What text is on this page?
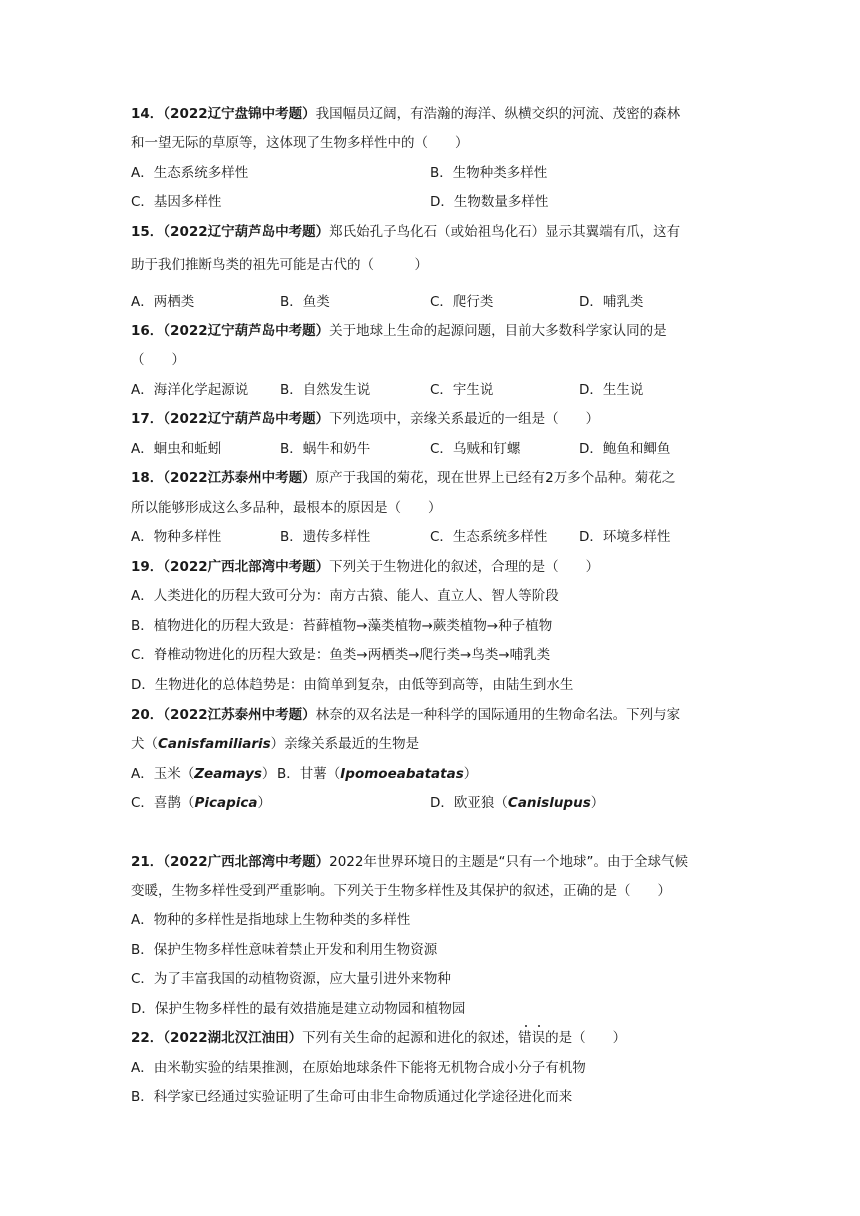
14．（2022辽宁盘锦中考题）我国幅员辽阔，有浩瀚的海洋、纵横交织的河流、茂密的森林
和一望无际的草原等，这体现了生物多样性中的（　　）
A．生态系统多样性	B．生物种类多样性
C．基因多样性	D．生物数量多样性
15．（2022辽宁葫芦岛中考题）郑氏始孔子鸟化石（或始祖鸟化石）显示其翼端有爪，这有
助于我们推断鸟类的祖先可能是古代的（　　　）
A．两栖类	B．鱼类	C．爬行类	D．哺乳类
16．（2022辽宁葫芦岛中考题）关于地球上生命的起源问题，目前大多数科学家认同的是
（　　）
A．海洋化学起源说 B．自然发生说	C．宇生说	D．生生说
17．（2022辽宁葫芦岛中考题）下列选项中，亲缘关系最近的一组是（　　）
A．蛔虫和蚯蚓	B．蜗牛和奶牛	C．乌贼和钉螺	D．鲍鱼和鲫鱼
18．（2022江苏泰州中考题）原产于我国的菊花，现在世界上已经有2万多个品种。菊花之
所以能够形成这么多品种，最根本的原因是（　　）
A．物种多样性	B．遗传多样性	C．生态系统多样性 D．环境多样性
19．（2022广西北部湾中考题）下列关于生物进化的叙述，合理的是（　　）
A．人类进化的历程大致可分为：南方古猿、能人、直立人、智人等阶段
B．植物进化的历程大致是：苔藓植物→藻类植物→蕨类植物→种子植物
C．脊椎动物进化的历程大致是：鱼类→两栖类→爬行类→鸟类→哺乳类
D．生物进化的总体趋势是：由简单到复杂，由低等到高等，由陆生到水生
20．（2022江苏泰州中考题）林奈的双名法是一种科学的国际通用的生物命名法。下列与家
犬（Canisfamiliaris）亲缘关系最近的生物是
A．玉米（Zeamays） B．甘薯（Ipomoeabatatas）
C．喜鹊（Picapica）	D．欧亚狼（Canislupus）
21．（2022广西北部湾中考题）2022年世界环境日的主题是“只有一个地球”。由于全球气候
变暖，生物多样性受到严重影响。下列关于生物多样性及其保护的叙述，正确的是（　　）
A．物种的多样性是指地球上生物种类的多样性
B．保护生物多样性意味着禁止开发和利用生物资源
C．为了丰富我国的动植物资源，应大量引进外来物种
D．保护生物多样性的最有效措施是建立动物园和植物园
22．（2022湖北汉江油田）下列有关生命的起源和进化的叙述，错
误
的是（　　）
A．由米勒实验的结果推测，在原始地球条件下能将无机物合成小分子有机物
B．科学家已经通过实验证明了生命可由非生命物质通过化学途径进化而来
